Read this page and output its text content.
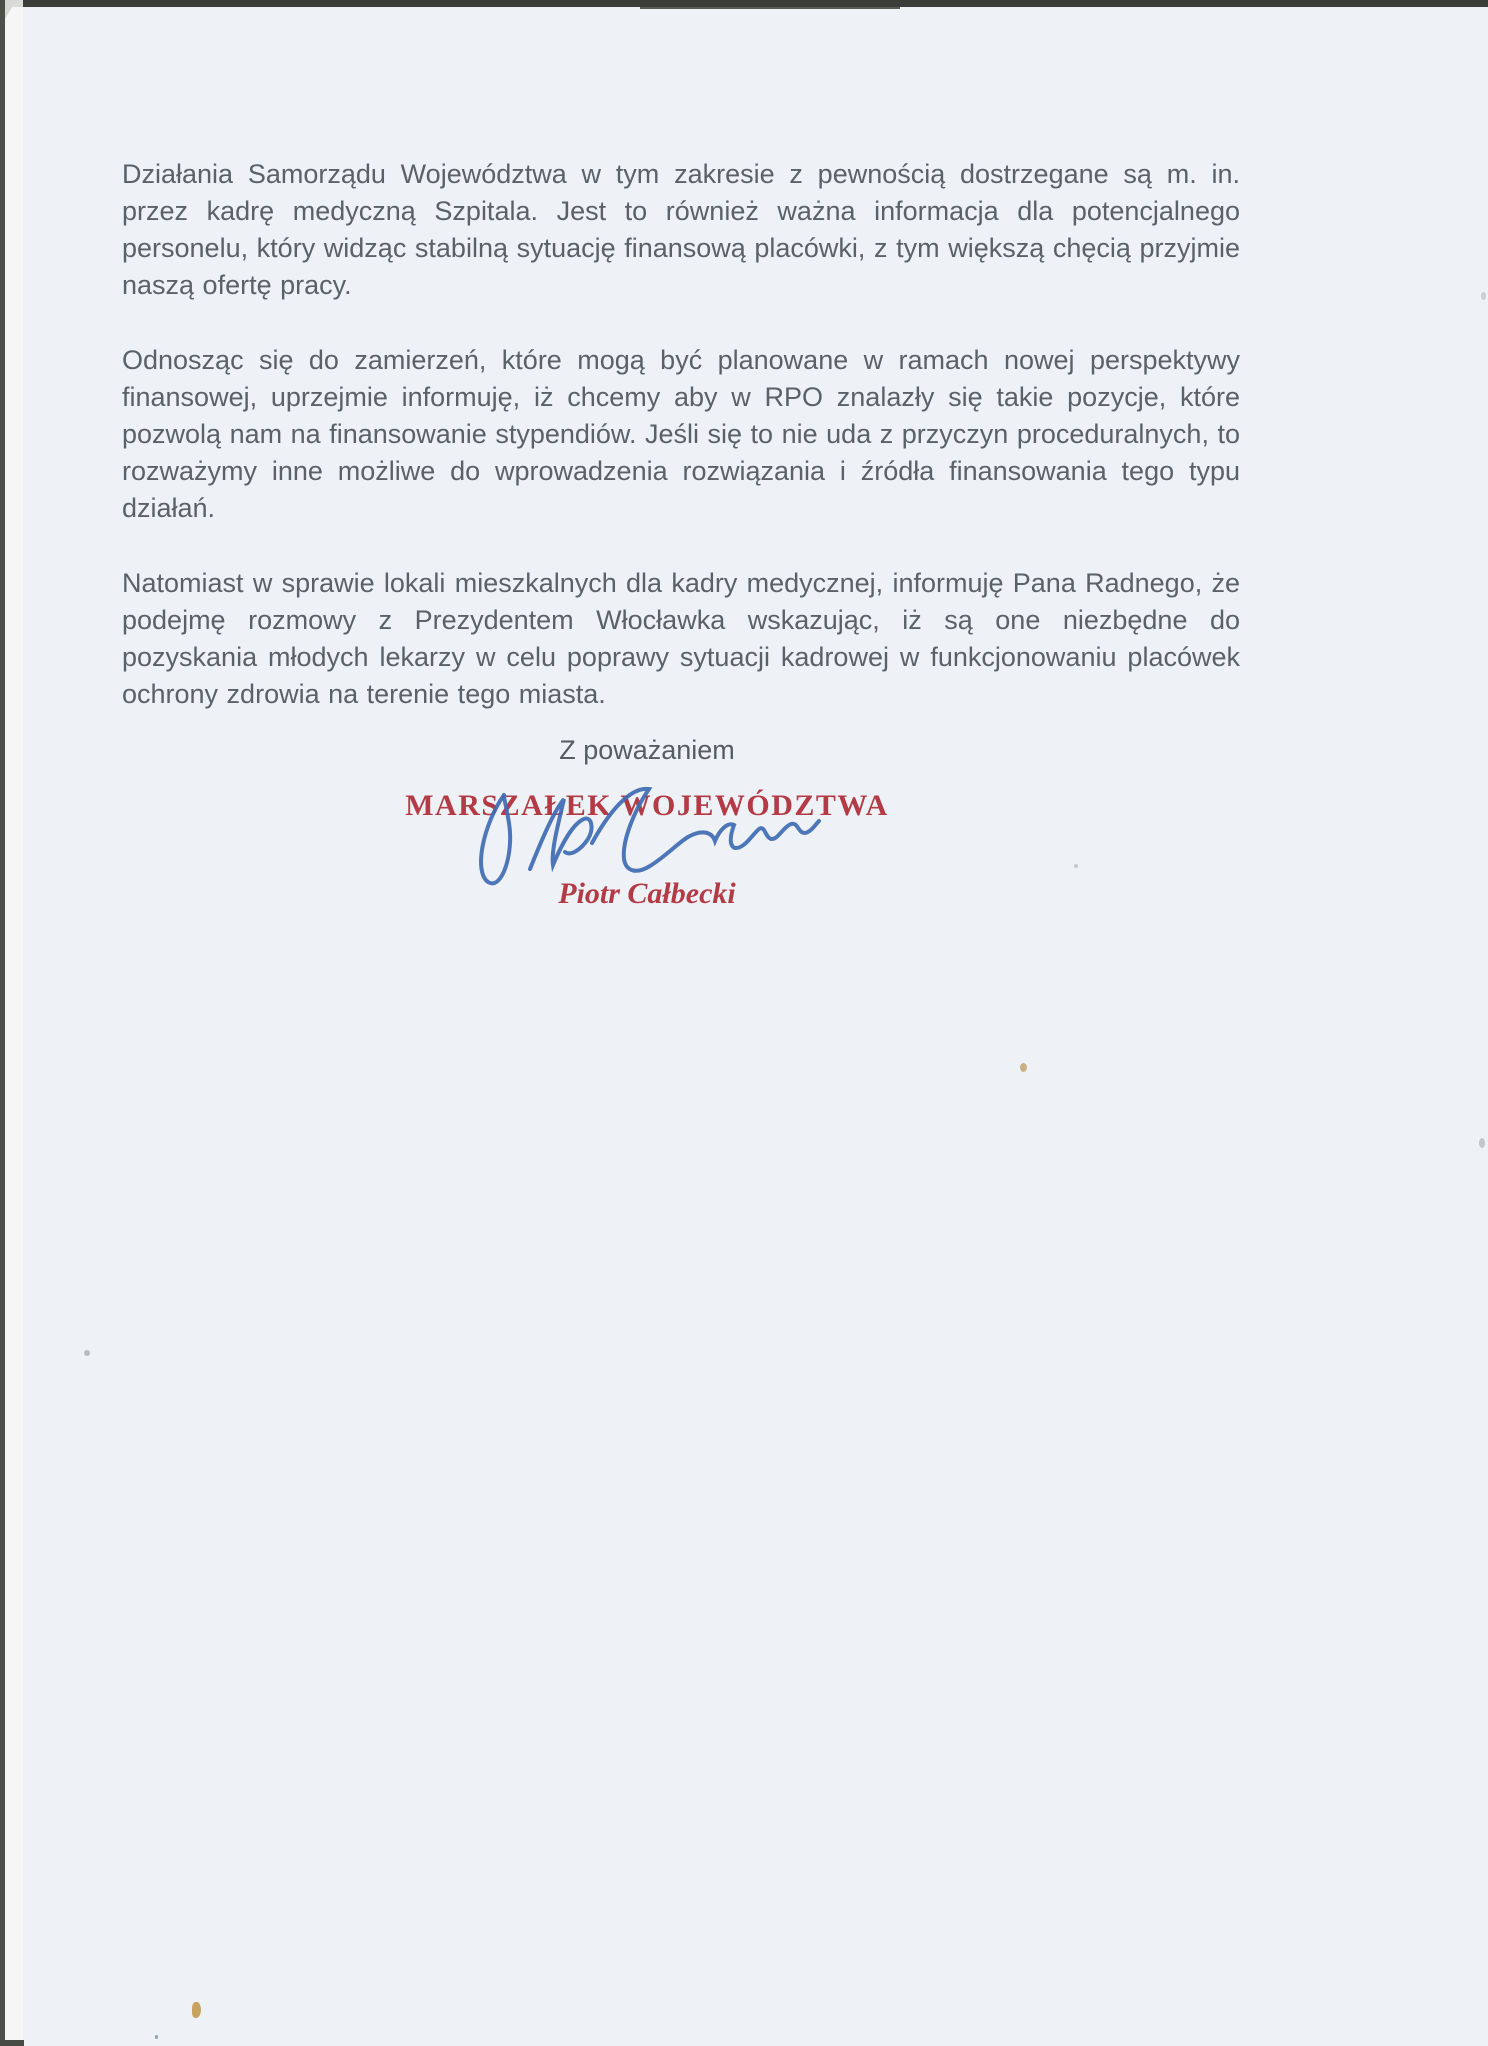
Działania Samorządu Województwa w tym zakresie z pewnością dostrzegane są m. in. przez kadrę medyczną Szpitala. Jest to również ważna informacja dla potencjalnego personelu, który widząc stabilną sytuację finansową placówki, z tym większą chęcią przyjmie naszą ofertę pracy.

Odnosząc się do zamierzeń, które mogą być planowane w ramach nowej perspektywy finansowej, uprzejmie informuję, iż chcemy aby w RPO znalazły się takie pozycje, które pozwolą nam na finansowanie stypendiów. Jeśli się to nie uda z przyczyn proceduralnych, to rozważymy inne możliwe do wprowadzenia rozwiązania i źródła finansowania tego typu działań.

Natomiast w sprawie lokali mieszkalnych dla kadry medycznej, informuję Pana Radnego, że podejmę rozmowy z Prezydentem Włocławka wskazując, iż są one niezbędne do pozyskania młodych lekarzy w celu poprawy sytuacji kadrowej w funkcjonowaniu placówek ochrony zdrowia na terenie tego miasta.

Z poważaniem
MARSZAŁEK WOJEWÓDZTWA
Piotr Całbecki
